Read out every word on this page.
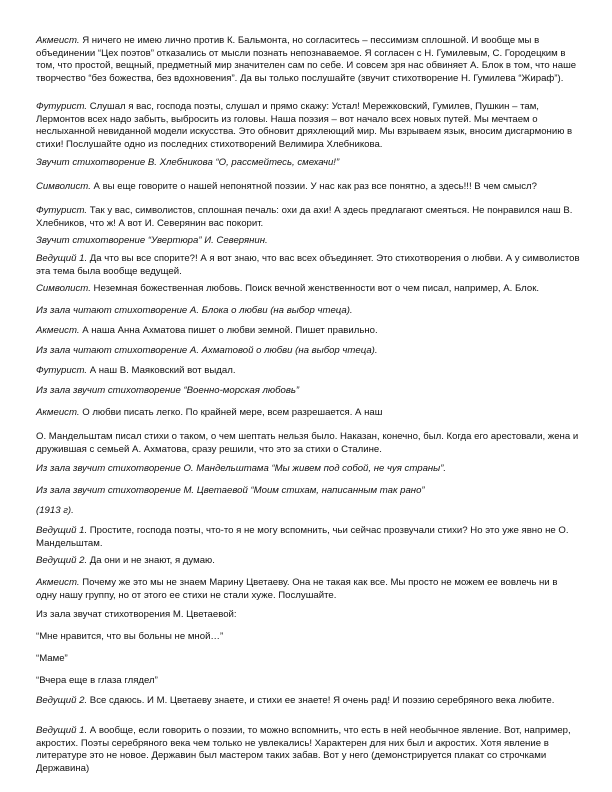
Акмеист. Я ничего не имею лично против К. Бальмонта, но согласитесь – пессимизм сплошной. И вообще мы в объединении “Цех поэтов” отказались от мысли познать непознаваемое. Я согласен с Н. Гумилевым, С. Городецким в том, что простой, вещный, предметный мир значителен сам по себе. И совсем зря нас обвиняет А. Блок в том, что наше творчество “без божества, без вдохновения”. Да вы только послушайте (звучит стихотворение Н. Гумилева “Жираф”).

Футурист. Слушал я вас, господа поэты, слушал и прямо скажу: Устал! Мережковский, Гумилев, Пушкин – там, Лермонтов всех надо забыть, выбросить из головы. Наша поэзия – вот начало всех новых путей. Мы мечтаем о неслыханной невиданной модели искусства. Это обновит дряхлеющий мир. Мы взрываем язык, вносим дисгармонию в стихи! Послушайте одно из последних стихотворений Велимира Хлебникова.

Звучит стихотворение В. Хлебникова “О, рассмейтесь, смехачи!”

Символист. А вы еще говорите о нашей непонятной поэзии. У нас как раз все понятно, а здесь!!! В чем смысл?

Футурист. Так у вас, символистов, сплошная печаль: охи да ахи! А здесь предлагают смеяться. Не понравился наш В. Хлебников, что ж! А вот И. Северянин вас покорит.

Звучит стихотворение “Увертюра” И. Северянин.

Ведущий 1. Да что вы все спорите?! А я вот знаю, что вас всех объединяет. Это стихотворения о любви. А у символистов эта тема была вообще ведущей.

Символист. Неземная божественная любовь. Поиск вечной женственности вот о чем писал, например, А. Блок.

Из зала читают стихотворение А. Блока о любви (на выбор чтеца).

Акмеист. А наша Анна Ахматова пишет о любви земной. Пишет правильно.

Из зала читают стихотворение А. Ахматовой о любви (на выбор чтеца).

Футурист. А наш В. Маяковский вот выдал.

Из зала звучит стихотворение “Военно-морская любовь”

Акмеист. О любви писать легко. По крайней мере, всем разрешается. А наш

О. Мандельштам писал стихи о таком, о чем шептать нельзя было. Наказан, конечно, был. Когда его арестовали, жена и дружившая с семьей А. Ахматова, сразу решили, что это за стихи о Сталине.

Из зала звучит стихотворение О. Мандельштама “Мы живем под собой, не чуя страны”.

Из зала звучит стихотворение М. Цветаевой “Моим стихам, написанным так рано”

(1913 г).

Ведущий 1. Простите, господа поэты, что-то я не могу вспомнить, чьи сейчас прозвучали стихи? Но это уже явно не О. Мандельштам.

Ведущий 2. Да они и не знают, я думаю.

Акмеист. Почему же это мы не знаем Марину Цветаеву. Она не такая как все. Мы просто не можем ее вовлечь ни в одну нашу группу, но от этого ее стихи не стали хуже. Послушайте.

Из зала звучат стихотворения М. Цветаевой:

“Мне нравится, что вы больны не мной…”

“Маме”

“Вчера еще в глаза глядел”

Ведущий 2. Все сдаюсь. И М. Цветаеву знаете, и стихи ее знаете! Я очень рад! И поэзию серебряного века любите.

Ведущий 1. А вообще, если говорить о поэзии, то можно вспомнить, что есть в ней необычное явление. Вот, например, акростих. Поэты серебряного века чем только не увлекались! Характерен для них был и акростих. Хотя явление в литературе это не новое. Державин был мастером таких забав. Вот у него (демонстрируется плакат со строчками Державина)
